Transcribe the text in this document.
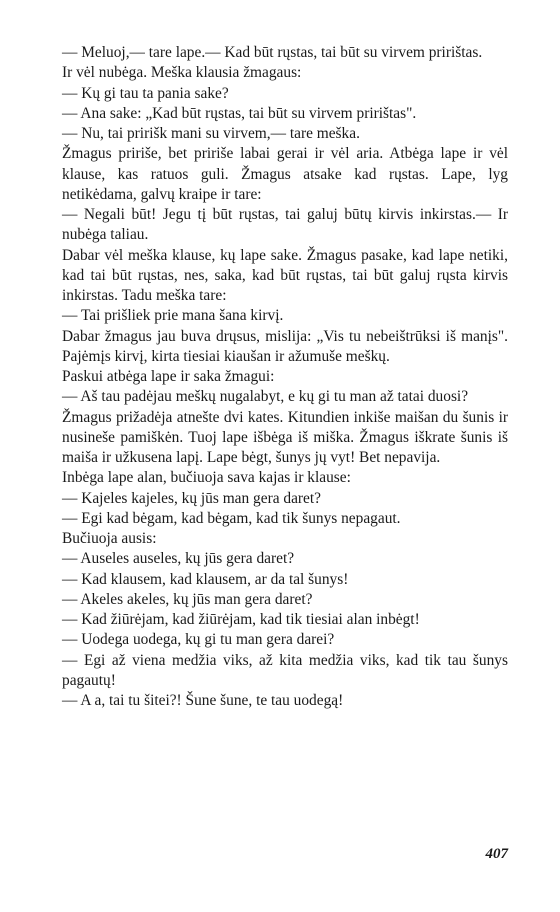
— Meluoj,— tare lape.— Kad būt rųstas, tai būt su virvem pririštas.

Ir vėl nubėga. Meška klausia žmagaus:

— Kų gi tau ta pania sake?

— Ana sake: „Kad būt rųstas, tai būt su virvem pririštas".

— Nu, tai pririšk mani su virvem,— tare meška.

Žmagus pririše, bet pririše labai gerai ir vėl aria. Atbėga lape ir vėl klause, kas ratuos guli. Žmagus atsake kad rųstas. Lape, lyg netikėdama, galvų kraipe ir tare:

— Negali būt! Jegu tį būt rųstas, tai galuj būtų kirvis inkirstas.— Ir nubėga taliau.

Dabar vėl meška klause, kų lape sake. Žmagus pasake, kad lape netiki, kad tai būt rųstas, nes, saka, kad būt rųstas, tai būt galuj rųsta kirvis inkirstas. Tadu meška tare:

— Tai prišliek prie mana šana kirvį.

Dabar žmagus jau buva drųsus, mislija: „Vis tu nebeištrūksi iš manįs". Pajėmįs kirvį, kirta tiesiai kiaušan ir ažumuše meškų.

Paskui atbėga lape ir saka žmagui:

— Aš tau padėjau meškų nugalabyt, e kų gi tu man až tatai duosi?

Žmagus prižadėja atnešte dvi kates. Kitundien inkiše maišan du šunis ir nusineše pamiškėn. Tuoj lape išbėga iš miška. Žmagus iškrate šunis iš maiša ir užkusena lapį. Lape bėgt, šunys jų vyt! Bet nepavija.

Inbėga lape alan, bučiuoja sava kajas ir klause:

— Kajeles kajeles, kų jūs man gera daret?

— Egi kad bėgam, kad bėgam, kad tik šunys nepagaut.

Bučiuoja ausis:

— Auseles auseles, kų jūs gera daret?

— Kad klausem, kad klausem, ar da tal šunys!

— Akeles akeles, kų jūs man gera daret?

— Kad žiūrėjam, kad žiūrėjam, kad tik tiesiai alan inbėgt!

— Uodega uodega, kų gi tu man gera darei?

— Egi až viena medžia viks, až kita medžia viks, kad tik tau šunys pagautų!

— A a, tai tu šitei?! Šune šune, te tau uodegą!

407
